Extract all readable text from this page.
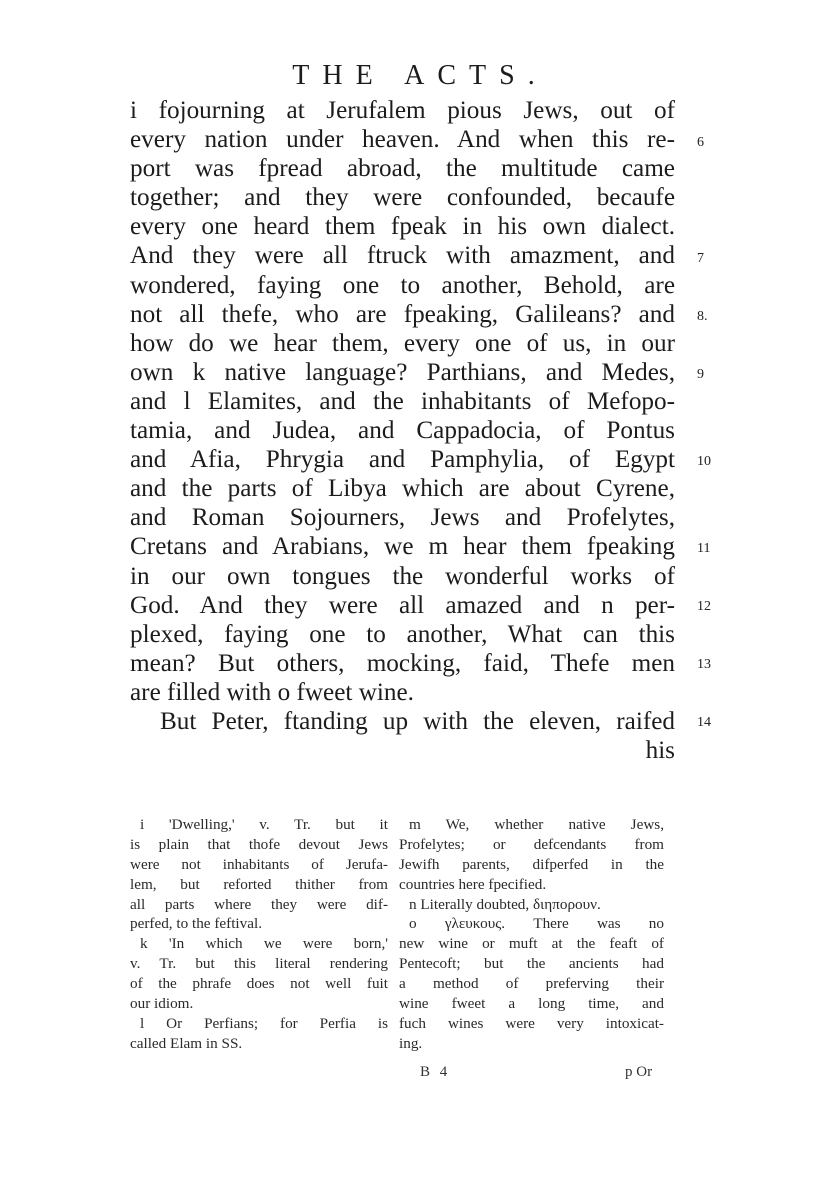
THE ACTS.
i fojourning at Jerufalem pious Jews, out of
every nation under heaven. And when this re-
port was fpread abroad, the multitude came
together; and they were confounded, becaufe
every one heard them fpeak in his own dialect.
And they were all ftruck with amazment, and
wondered, faying one to another, Behold, are
not all thefe, who are fpeaking, Galileans? and
how do we hear them, every one of us, in our
own k native language? Parthians, and Medes,
and l Elamites, and the inhabitants of Mefopo-
tamia, and Judea, and Cappadocia, of Pontus
and Afia, Phrygia and Pamphylia, of Egypt
and the parts of Libya which are about Cyrene,
and Roman Sojourners, Jews and Profelytes,
Cretans and Arabians, we m hear them fpeaking
in our own tongues the wonderful works of
God. And they were all amazed and n per-
plexed, faying one to another, What can this
mean? But others, mocking, faid, Thefe men
are filled with o fweet wine.
But Peter, ftanding up with the eleven, raifed
his
6
7
8.
9
10
11
12
13
14
i 'Dwelling,' v. Tr. but it
is plain that thofe devout Jews
were not inhabitants of Jerufa-
lem, but reforted thither from
all parts where they were dif-
perfed, to the feftival.
k 'In which we were born,'
v. Tr. but this literal rendering
of the phrafe does not well fuit
our idiom.
l Or Perfians; for Perfia is
called Elam in SS.
m We, whether native Jews,
Profelytes; or defcendants from
Jewifh parents, difperfed in the
countries here fpecified.
n Literally doubted, διηπορουν.
o γλευκους. There was no
new wine or muft at the feaft of
Pentecoft; but the ancients had
a method of preferving their
wine fweet a long time, and
fuch wines were very intoxicat-
ing.
B 4	p Or
